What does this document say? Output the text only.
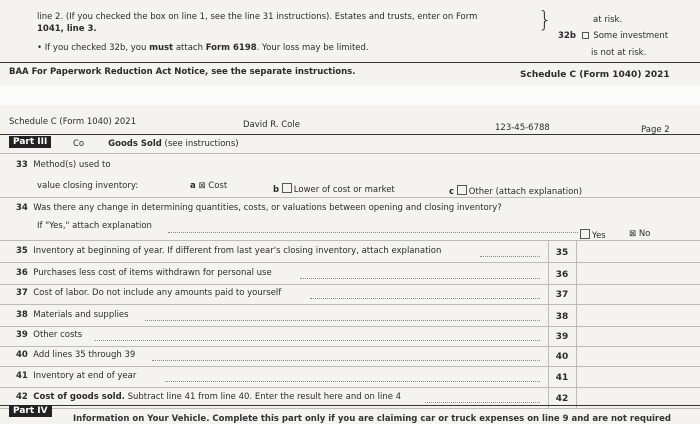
line 2. (If you checked the box on line 1, see the line 31 instructions). Estates and trusts, enter on Form
1041, line 3.
• If you checked 32b, you must attach Form 6198. Your loss may be limited.
}	at risk.
32b Some investment
is not at risk.
BAA For Paperwork Reduction Act Notice, see the separate instructions.	Schedule C (Form 1040) 2021
Schedule C (Form 1040) 2021	David R. Cole	123-45-6788	Page 2
Part III	Co	Goods Sold (see instructions)
33 Method(s) used to
value closing inventory:	a ⊠ Cost	b Lower of cost or market	c Other (attach explanation)
34 Was there any change in determining quantities, costs, or valuations between opening and closing inventory?
If "Yes," attach explanation
Yes	⊠ No
35 Inventory at beginning of year. If different from last year's closing inventory, attach explanation	35
36 Purchases less cost of items withdrawn for personal use	36
37 Cost of labor. Do not include any amounts paid to yourself	37
38 Materials and supplies	38
39 Other costs	39
40 Add lines 35 through 39	40
41 Inventory at end of year	41
42 Cost of goods sold. Subtract line 41 from line 40. Enter the result here and on line 4	42
Part IV
Information on Your Vehicle. Complete this part only if you are claiming car or truck expenses on line 9 and are not required
